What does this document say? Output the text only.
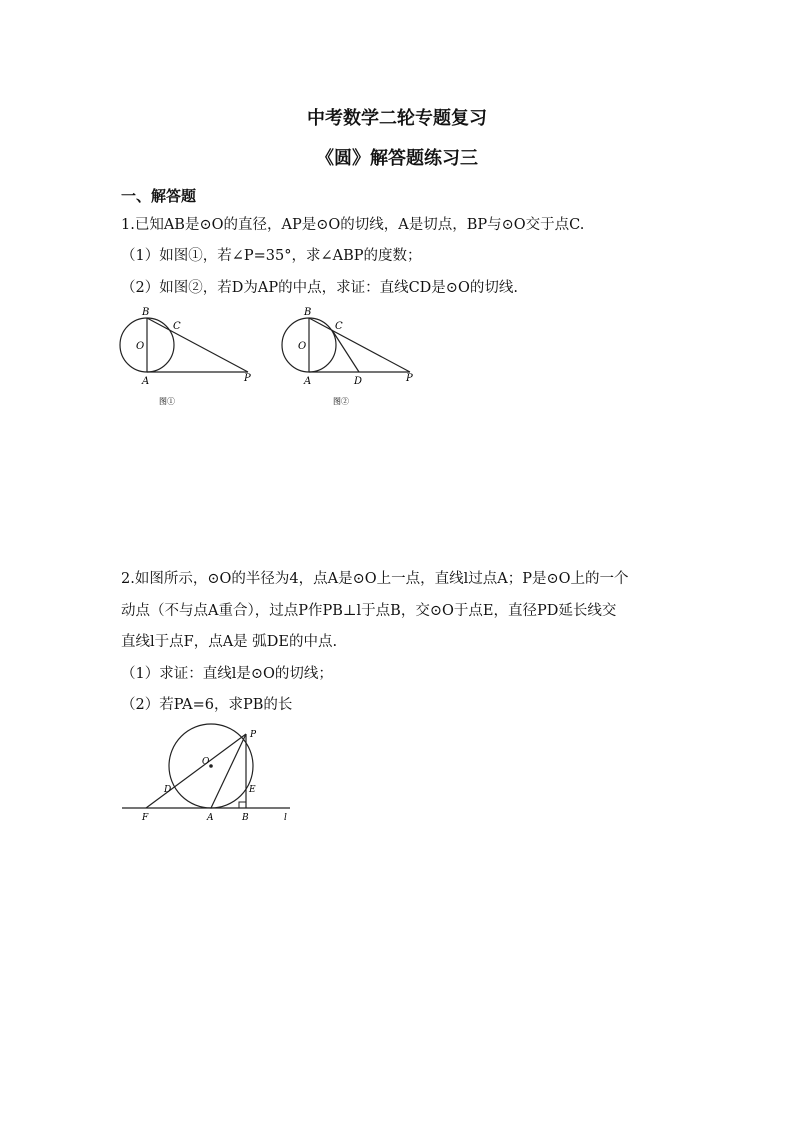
中考数学二轮专题复习
《圆》解答题练习三
一、解答题
1.已知AB是⊙O的直径，AP是⊙O的切线，A是切点，BP与⊙O交于点C.
（1）如图①，若∠P=35°，求∠ABP的度数；
（2）如图②，若D为AP的中点，求证：直线CD是⊙O的切线.
B
C
O
A	P
图①
B
C
O
A	D	P
图②
2.如图所示，⊙O的半径为4，点A是⊙O上一点，直线l过点A；P是⊙O上的一个
动点（不与点A重合），过点P作PB⊥l于点B，交⊙O于点E，直径PD延长线交
直线l于点F，点A是 弧DE的中点.
（1）求证：直线l是⊙O的切线；
（2）若PA=6，求PB的长
P
O
D	E
F	A	B	l
